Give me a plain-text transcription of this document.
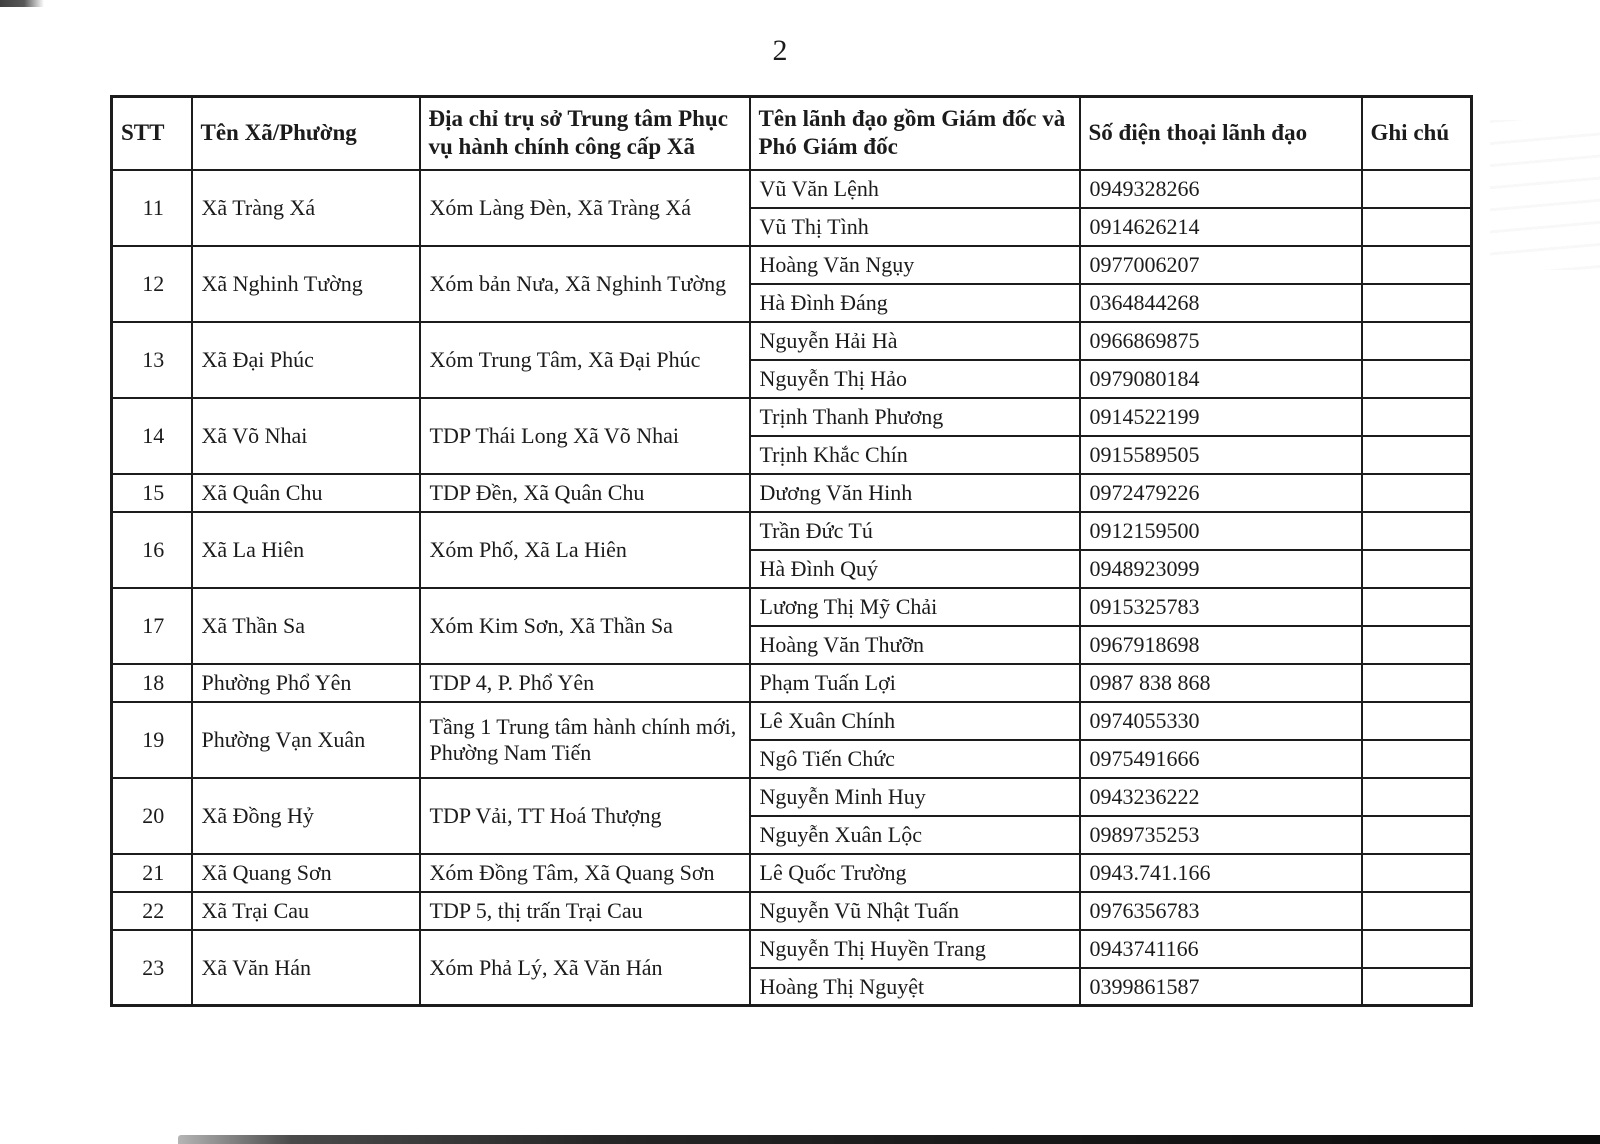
2
STT	Tên Xã/Phường	Địa chỉ trụ sở Trung tâm Phục vụ hành chính công cấp Xã	Tên lãnh đạo gồm Giám đốc và Phó Giám đốc	Số điện thoại lãnh đạo	Ghi chú
11	Xã Tràng Xá	Xóm Làng Đèn, Xã Tràng Xá	Vũ Văn Lệnh	0949328266	
			Vũ Thị Tình	0914626214	
12	Xã Nghinh Tường	Xóm bản Nưa, Xã Nghinh Tường	Hoàng Văn Ngụy	0977006207	
			Hà Đình Đáng	0364844268	
13	Xã Đại Phúc	Xóm Trung Tâm, Xã Đại Phúc	Nguyễn Hải Hà	0966869875	
			Nguyễn Thị Hảo	0979080184	
14	Xã Võ Nhai	TDP Thái Long Xã Võ Nhai	Trịnh Thanh Phương	0914522199	
			Trịnh Khắc Chín	0915589505	
15	Xã Quân Chu	TDP Đền, Xã Quân Chu	Dương Văn Hinh	0972479226	
16	Xã La Hiên	Xóm Phố, Xã La Hiên	Trần Đức Tú	0912159500	
			Hà Đình Quý	0948923099	
17	Xã Thần Sa	Xóm Kim Sơn, Xã Thần Sa	Lương Thị Mỹ Chải	0915325783	
			Hoàng Văn Thưỡn	0967918698	
18	Phường Phổ Yên	TDP 4, P. Phổ Yên	Phạm Tuấn Lợi	0987 838 868	
19	Phường Vạn Xuân	Tầng 1 Trung tâm hành chính mới, Phường Nam Tiến	Lê Xuân Chính	0974055330	
			Ngô Tiến Chức	0975491666	
20	Xã Đồng Hỷ	TDP Vải, TT Hoá Thượng	Nguyễn Minh Huy	0943236222	
			Nguyễn Xuân Lộc	0989735253	
21	Xã Quang Sơn	Xóm Đồng Tâm, Xã Quang Sơn	Lê Quốc Trường	0943.741.166	
22	Xã Trại Cau	TDP 5, thị trấn Trại Cau	Nguyễn Vũ Nhật Tuấn	0976356783	
23	Xã Văn Hán	Xóm Phả Lý, Xã Văn Hán	Nguyễn Thị Huyền Trang	0943741166	
			Hoàng Thị Nguyệt	0399861587	
